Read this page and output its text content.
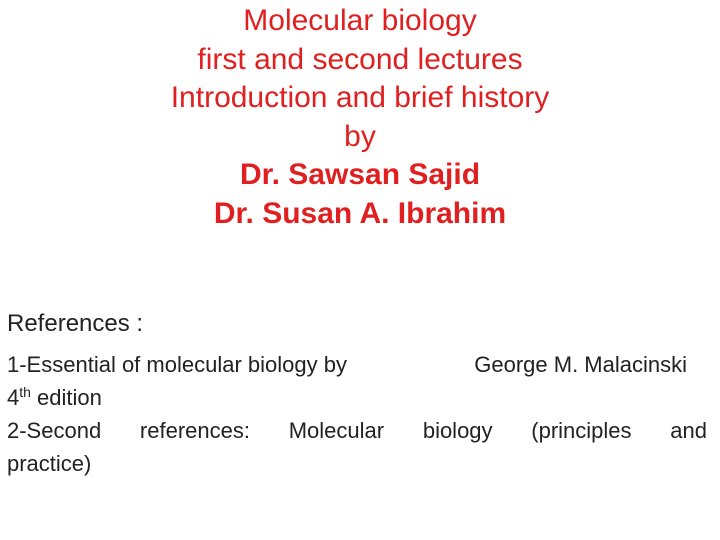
Molecular biology
first and second lectures
Introduction and brief history
by
Dr. Sawsan Sajid
Dr. Susan A. Ibrahim
References :
1-Essential of molecular biology by	George M. Malacinski
4th edition
2-Second references: Molecular biology (principles and
practice)
